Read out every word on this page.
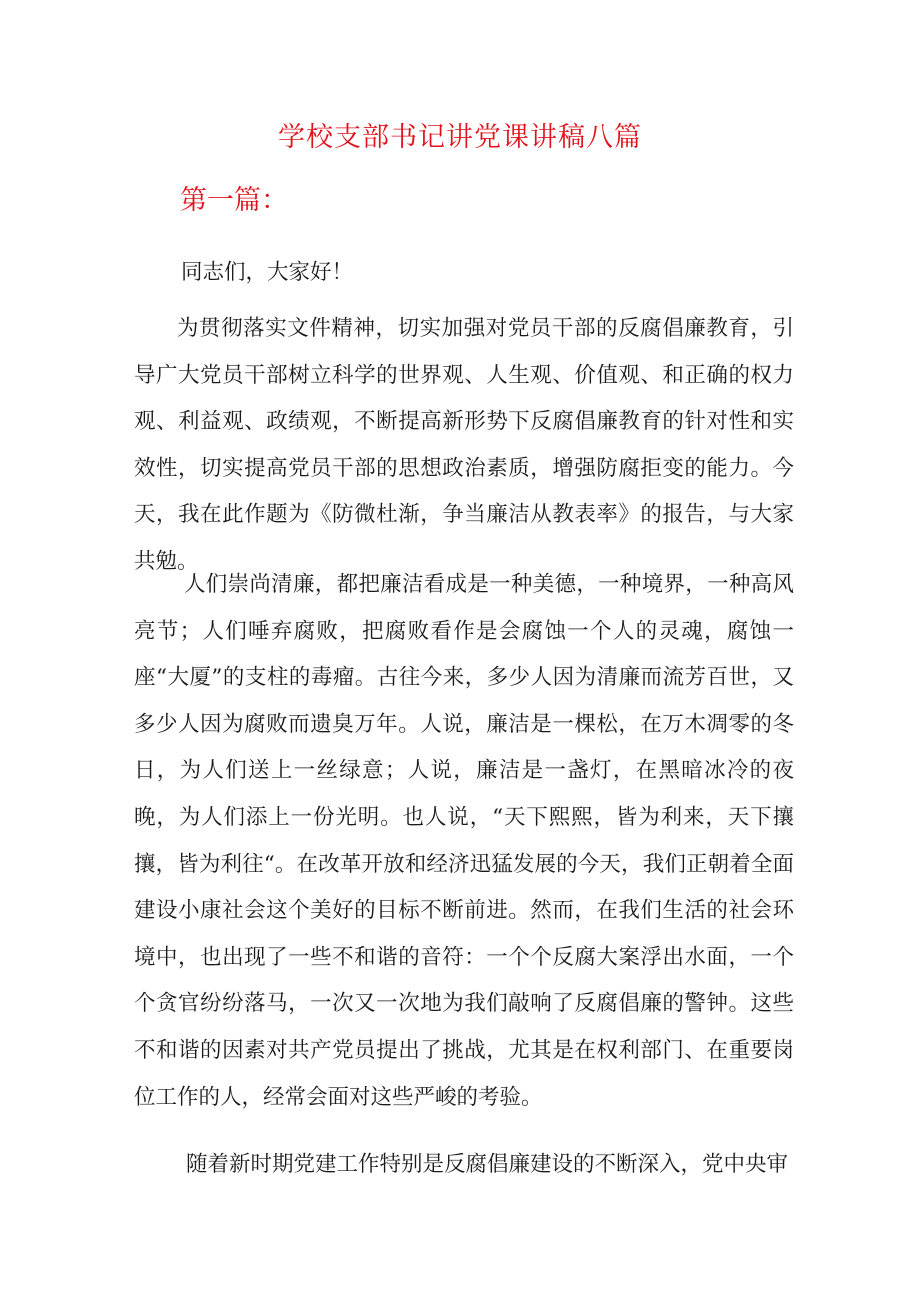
学校支部书记讲党课讲稿八篇
第一篇：

同志们，大家好！

为贯彻落实文件精神，切实加强对党员干部的反腐倡廉教育，引导广大党员干部树立科学的世界观、人生观、价值观、和正确的权力观、利益观、政绩观，不断提高新形势下反腐倡廉教育的针对性和实效性，切实提高党员干部的思想政治素质，增强防腐拒变的能力。今天，我在此作题为《防微杜渐，争当廉洁从教表率》的报告，与大家共勉。

人们崇尚清廉，都把廉洁看成是一种美德，一种境界，一种高风亮节；人们唾弃腐败，把腐败看作是会腐蚀一个人的灵魂，腐蚀一座“大厦”的支柱的毒瘤。古往今来，多少人因为清廉而流芳百世，又多少人因为腐败而遗臭万年。人说，廉洁是一棵松，在万木凋零的冬日，为人们送上一丝绿意；人说，廉洁是一盏灯，在黑暗冰冷的夜晚，为人们添上一份光明。也人说，“天下熙熙，皆为利来，天下攘攘，皆为利往“。在改革开放和经济迅猛发展的今天，我们正朝着全面建设小康社会这个美好的目标不断前进。然而，在我们生活的社会环境中，也出现了一些不和谐的音符：一个个反腐大案浮出水面，一个个贪官纷纷落马，一次又一次地为我们敲响了反腐倡廉的警钟。这些不和谐的因素对共产党员提出了挑战，尤其是在权利部门、在重要岗位工作的人，经常会面对这些严峻的考验。

随着新时期党建工作特别是反腐倡廉建设的不断深入，党中央审
